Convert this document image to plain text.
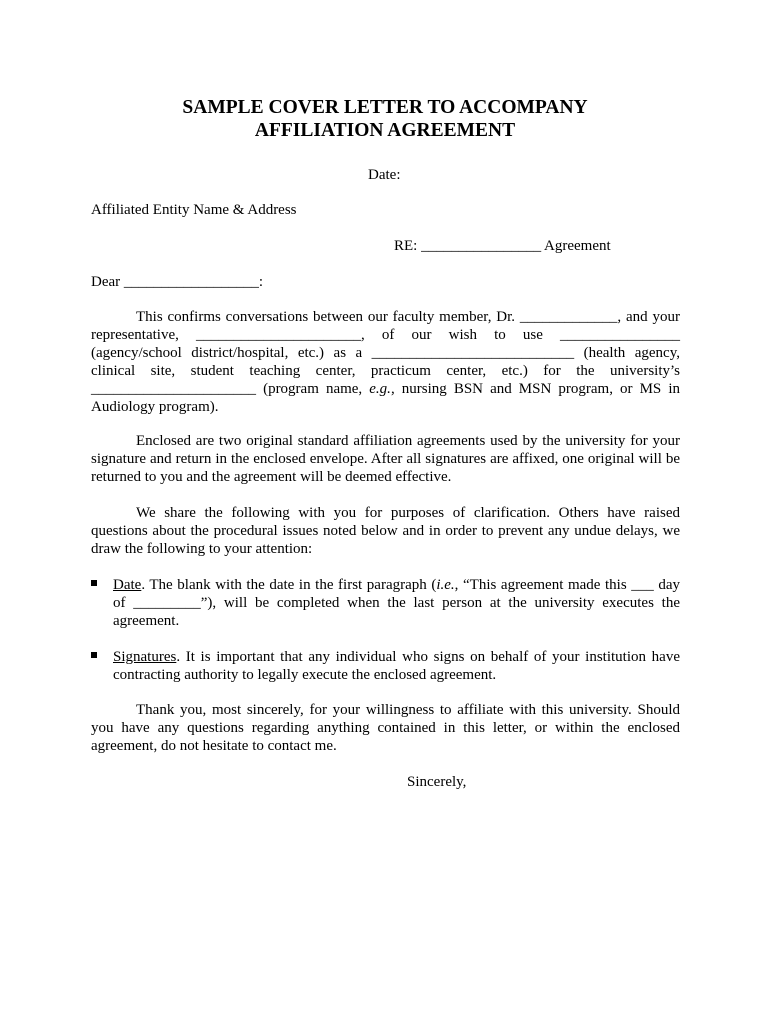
SAMPLE COVER LETTER TO ACCOMPANY
AFFILIATION AGREEMENT
Date:
Affiliated Entity Name & Address
RE: ________________ Agreement
Dear __________________:

This confirms conversations between our faculty member, Dr. _____________, and your representative, ______________________, of our wish to use ________________ (agency/school district/hospital, etc.) as a ___________________________ (health agency, clinical site, student teaching center, practicum center, etc.) for the university’s ______________________ (program name, e.g., nursing BSN and MSN program, or MS in Audiology program).

Enclosed are two original standard affiliation agreements used by the university for your signature and return in the enclosed envelope. After all signatures are affixed, one original will be returned to you and the agreement will be deemed effective.

We share the following with you for purposes of clarification. Others have raised questions about the procedural issues noted below and in order to prevent any undue delays, we draw the following to your attention:

Date. The blank with the date in the first paragraph (i.e., “This agreement made this ___ day of _________”), will be completed when the last person at the university executes the agreement.
Signatures. It is important that any individual who signs on behalf of your institution have contracting authority to legally execute the enclosed agreement.

Thank you, most sincerely, for your willingness to affiliate with this university. Should you have any questions regarding anything contained in this letter, or within the enclosed agreement, do not hesitate to contact me.

Sincerely,
